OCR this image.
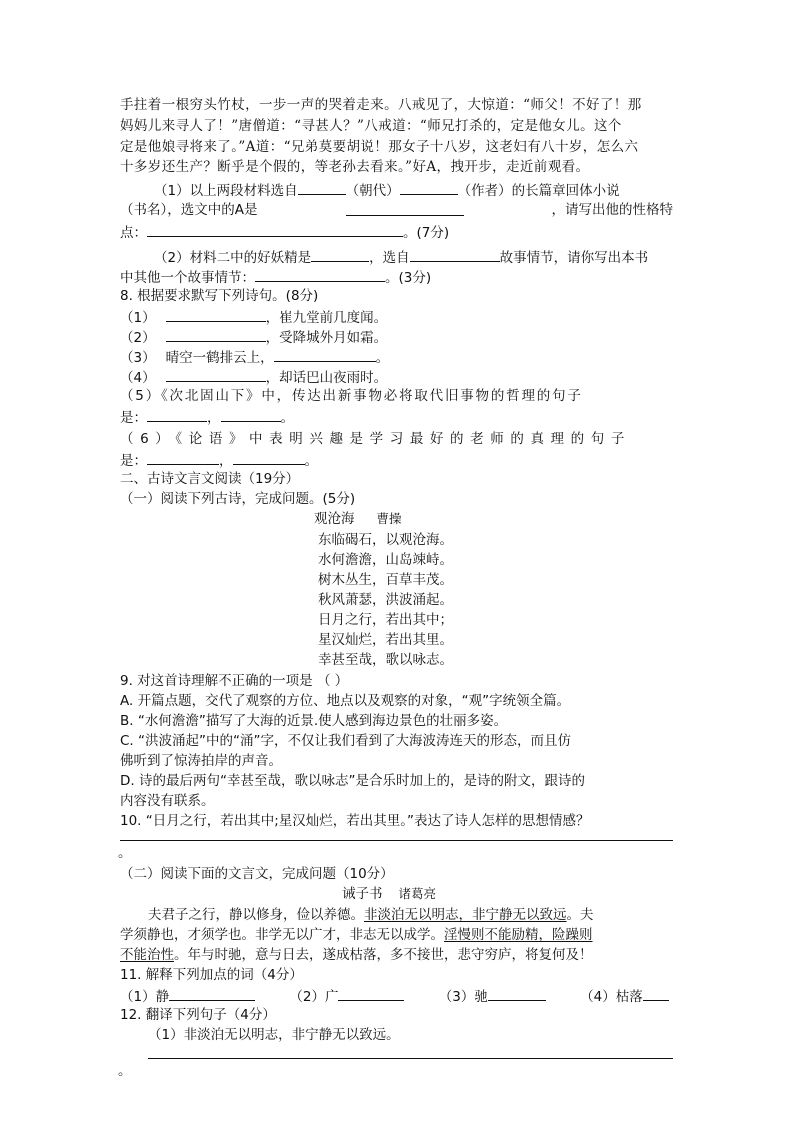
手拄着一根穷头竹杖，一步一声的哭着走来。八戒见了，大惊道：“师父！不好了！那
妈妈儿来寻人了！”唐僧道：“寻甚人？”八戒道：“师兄打杀的，定是他女儿。这个
定是他娘寻将来了。”A道：“兄弟莫要胡说！那女子十八岁，这老妇有八十岁，怎么六
十多岁还生产？断乎是个假的，等老孙去看来。”好A，拽开步，走近前观看。
（1）以上两段材料选自	（朝代）	（作者）的长篇章回体小说
（书名），选文中的A是	，请写出他的性格特
点：	。(7分)
（2）材料二中的好妖精是	，选自	故事情节，请你写出本书
中其他一个故事情节：	。(3分)
8. 根据要求默写下列诗句。(8分)
（1）	，崔九堂前几度闻。
（2）	，受降城外月如霜。
（3） 晴空一鹤排云上，	。
（4）	，却话巴山夜雨时。
（5）《次北固山下》中，传达出新事物必将取代旧事物的哲理的句子
是：	，	。
（6）《论语》中表明兴趣是学习最好的老师的真理的句子
是：	，	。
二、古诗文言文阅读（19分）
（一）阅读下列古诗，完成问题。(5分)
观沧海 曹操
东临碣石，以观沧海。
水何澹澹，山岛竦峙。
树木丛生，百草丰茂。
秋风萧瑟，洪波涌起。
日月之行，若出其中；
星汉灿烂，若出其里。
幸甚至哉，歌以咏志。
9. 对这首诗理解不正确的一项是 （ ）
A. 开篇点题，交代了观察的方位、地点以及观察的对象，“观”字统领全篇。
B. “水何澹澹”描写了大海的近景.使人感到海边景色的壮丽多姿。
C. “洪波涌起”中的“涌”字，不仅让我们看到了大海波涛连天的形态，而且仿
佛听到了惊涛拍岸的声音。
D. 诗的最后两句“幸甚至哉，歌以咏志”是合乐时加上的，是诗的附文，跟诗的
内容没有联系。
10. “日月之行，若出其中;星汉灿烂，若出其里。”表达了诗人怎样的思想情感？
。
（二）阅读下面的文言文，完成问题（10分）
诫子书 诸葛亮
夫君子之行，静以修身，俭以养德。非淡泊无以明志，非宁静无以致远。夫
学须静也，才须学也。非学无以广才，非志无以成学。淫慢则不能励精，险躁则
不能治性。年与时驰，意与日去，遂成枯落，多不接世，悲守穷庐，将复何及！
11. 解释下列加点的词（4分）
（1）静	（2）广	（3）驰	（4）枯落
12. 翻译下列句子（4分）
（1）非淡泊无以明志，非宁静无以致远。
。
